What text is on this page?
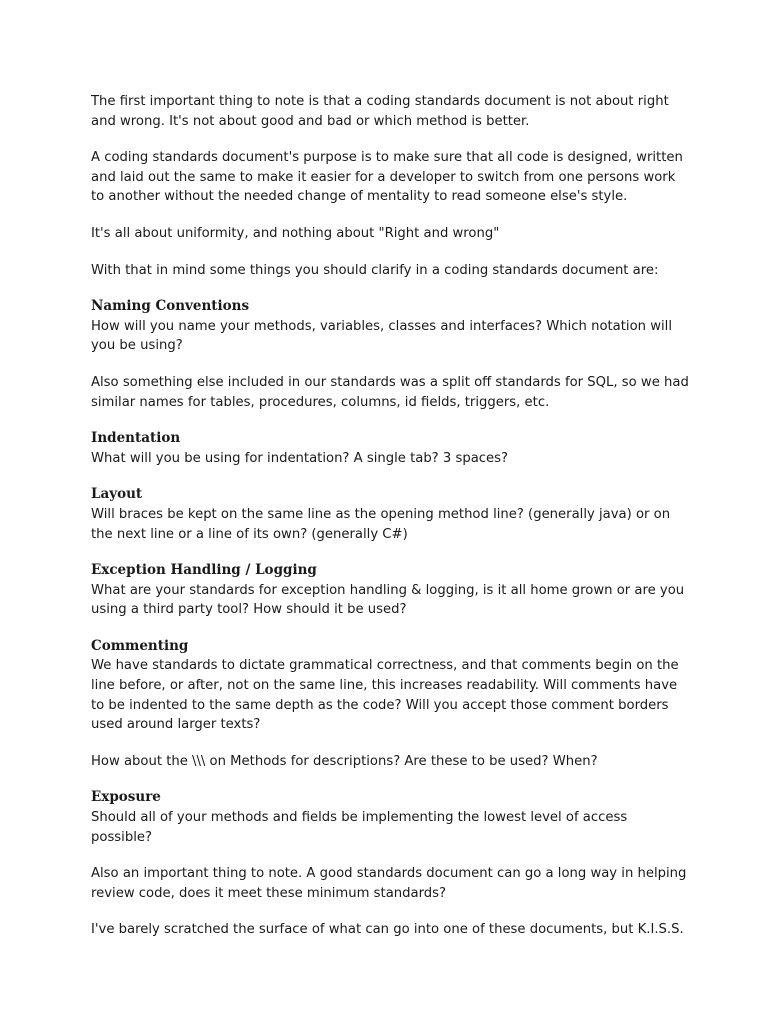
The first important thing to note is that a coding standards document is not about right and wrong. It's not about good and bad or which method is better.

A coding standards document's purpose is to make sure that all code is designed, written and laid out the same to make it easier for a developer to switch from one persons work to another without the needed change of mentality to read someone else's style.

It's all about uniformity, and nothing about "Right and wrong"

With that in mind some things you should clarify in a coding standards document are:

Naming Conventions

How will you name your methods, variables, classes and interfaces? Which notation will you be using?

Also something else included in our standards was a split off standards for SQL, so we had similar names for tables, procedures, columns, id fields, triggers, etc.

Indentation

What will you be using for indentation? A single tab? 3 spaces?

Layout

Will braces be kept on the same line as the opening method line? (generally java) or on the next line or a line of its own? (generally C#)

Exception Handling / Logging

What are your standards for exception handling & logging, is it all home grown or are you using a third party tool? How should it be used?

Commenting

We have standards to dictate grammatical correctness, and that comments begin on the line before, or after, not on the same line, this increases readability. Will comments have to be indented to the same depth as the code? Will you accept those comment borders used around larger texts?

How about the \\\ on Methods for descriptions? Are these to be used? When?

Exposure

Should all of your methods and fields be implementing the lowest level of access possible?

Also an important thing to note. A good standards document can go a long way in helping review code, does it meet these minimum standards?

I've barely scratched the surface of what can go into one of these documents, but K.I.S.S.
